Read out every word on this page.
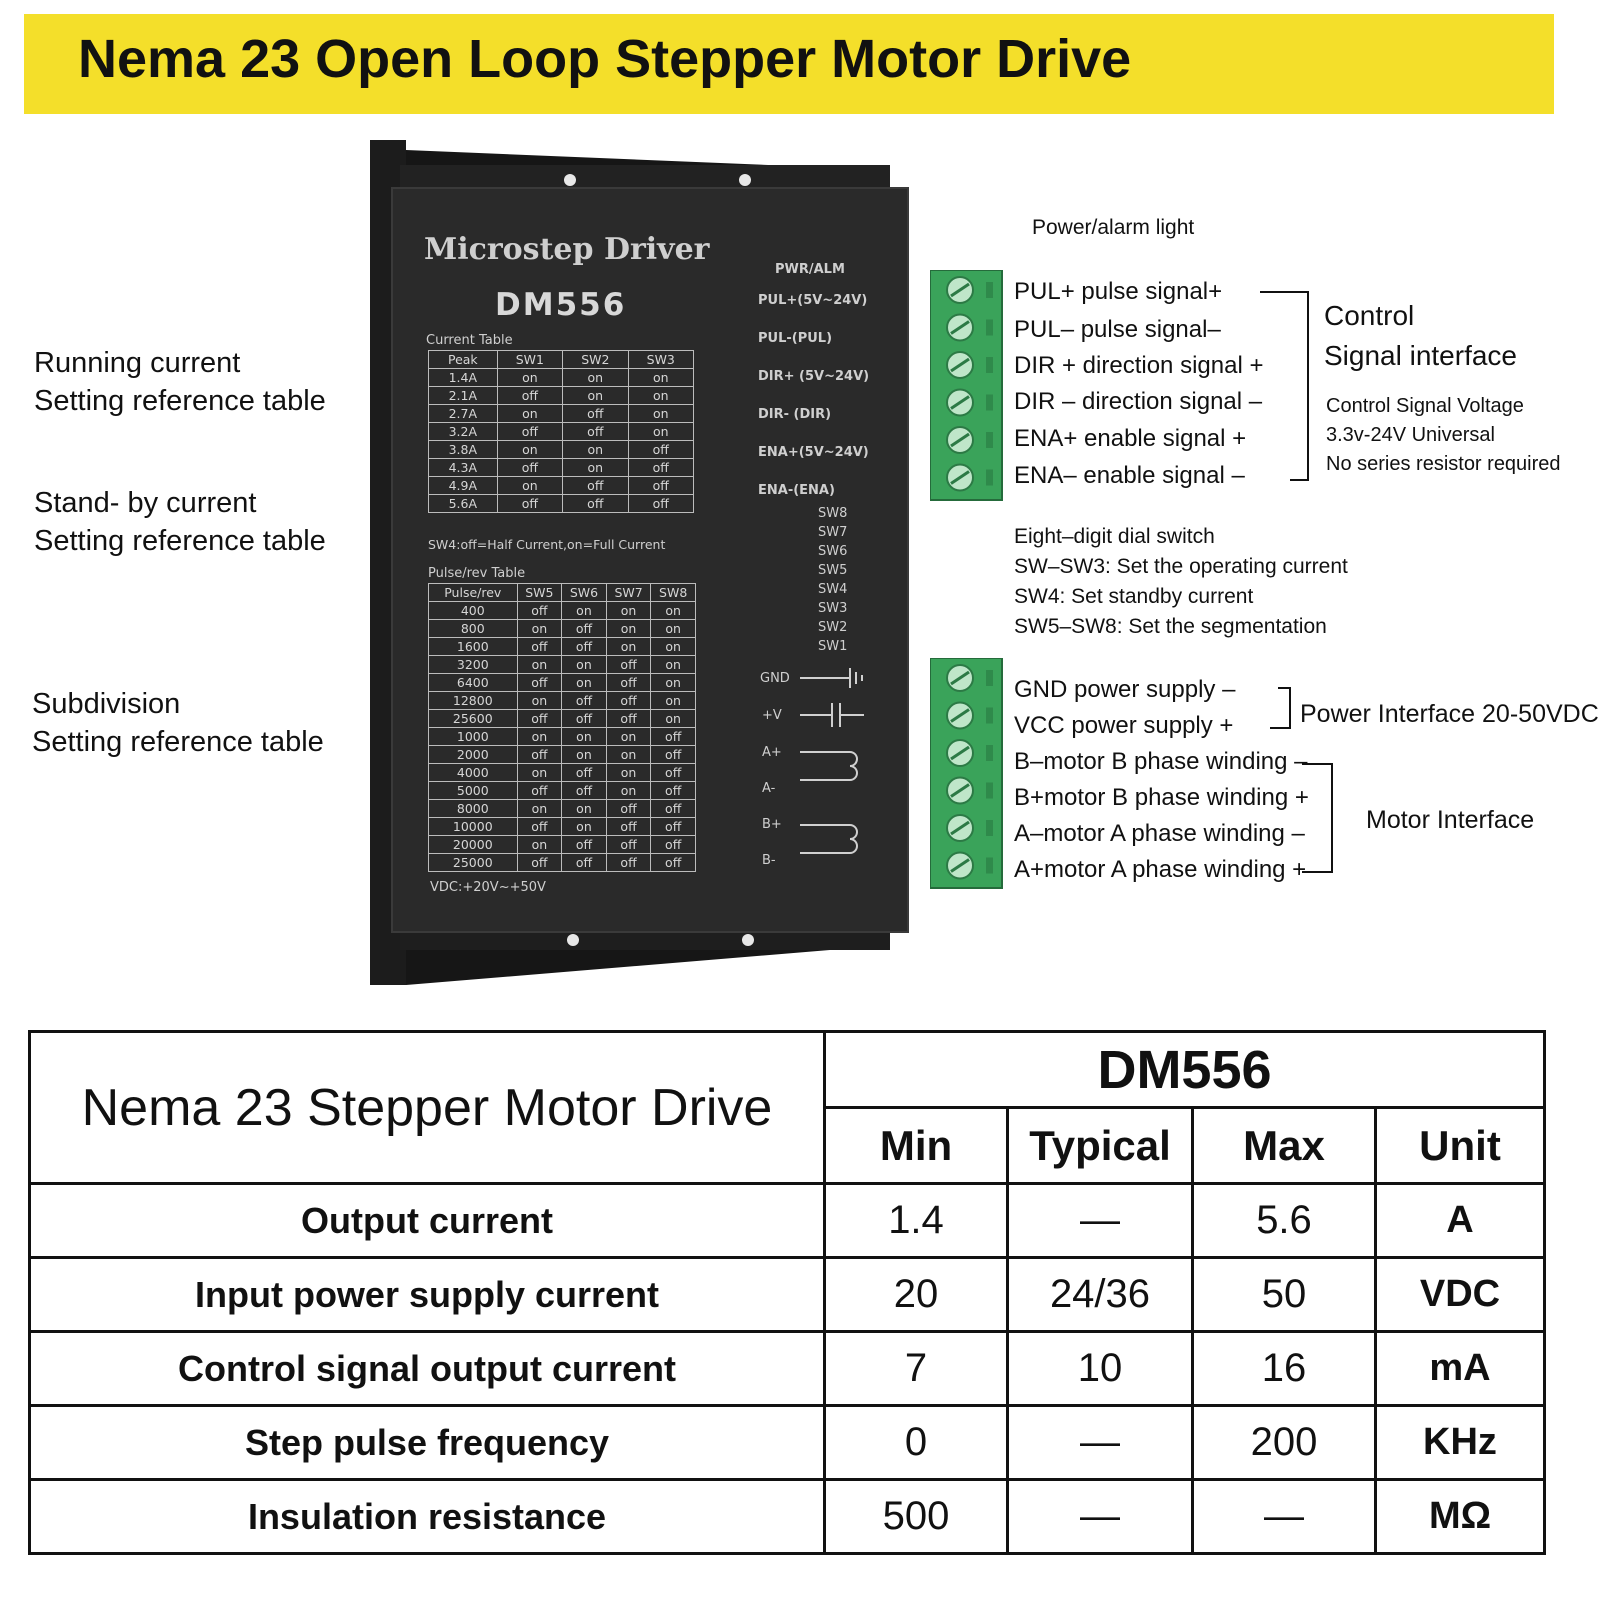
Nema 23 Open Loop Stepper Motor Drive
Microstep Driver
DM556
Current Table
Peak	SW1	SW2	SW3
1.4A	on	on	on
2.1A	off	on	on
2.7A	on	off	on
3.2A	off	off	on
3.8A	on	on	off
4.3A	off	on	off
4.9A	on	off	off
5.6A	off	off	off
SW4:off=Half Current,on=Full Current
Pulse/rev Table
Pulse/rev	SW5	SW6	SW7	SW8
400	off	on	on	on
800	on	off	on	on
1600	off	off	on	on
3200	on	on	off	on
6400	off	on	off	on
12800	on	off	off	on
25600	off	off	off	on
1000	on	on	on	off
2000	off	on	on	off
4000	on	off	on	off
5000	off	off	on	off
8000	on	on	off	off
10000	off	on	off	off
20000	on	off	off	off
25000	off	off	off	off
VDC:+20V~+50V
PWR/ALM
PUL+(5V~24V)
PUL-(PUL)
DIR+ (5V~24V)
DIR- (DIR)
ENA+(5V~24V)
ENA-(ENA)
SW8
SW7
SW6
SW5
SW4
SW3
SW2
SW1
GND
+V
A+
A-
B+
B-
Running current
Setting reference table
Stand- by current
Setting reference table
Subdivision
Setting reference table
Power/alarm light
PUL+ pulse signal+
PUL– pulse signal–
DIR + direction signal +
DIR – direction signal –
ENA+ enable signal +
ENA– enable signal –
Control
Signal interface
Control Signal Voltage
3.3v-24V Universal
No series resistor required
Eight–digit dial switch
SW–SW3: Set the operating current
SW4: Set standby current
SW5–SW8: Set the segmentation
GND power supply –
VCC power supply +
B–motor B phase winding –
B+motor B phase winding +
A–motor A phase winding –
A+motor A phase winding +
Power Interface 20-50VDC
Motor Interface
Nema 23 Stepper Motor Drive	DM556			
	Min	Typical	Max	Unit
Output current	1.4	—	5.6	A
Input power supply current	20	24/36	50	VDC
Control signal output current	7	10	16	mA
Step pulse frequency	0	—	200	KHz
Insulation resistance	500	—	—	MΩ
